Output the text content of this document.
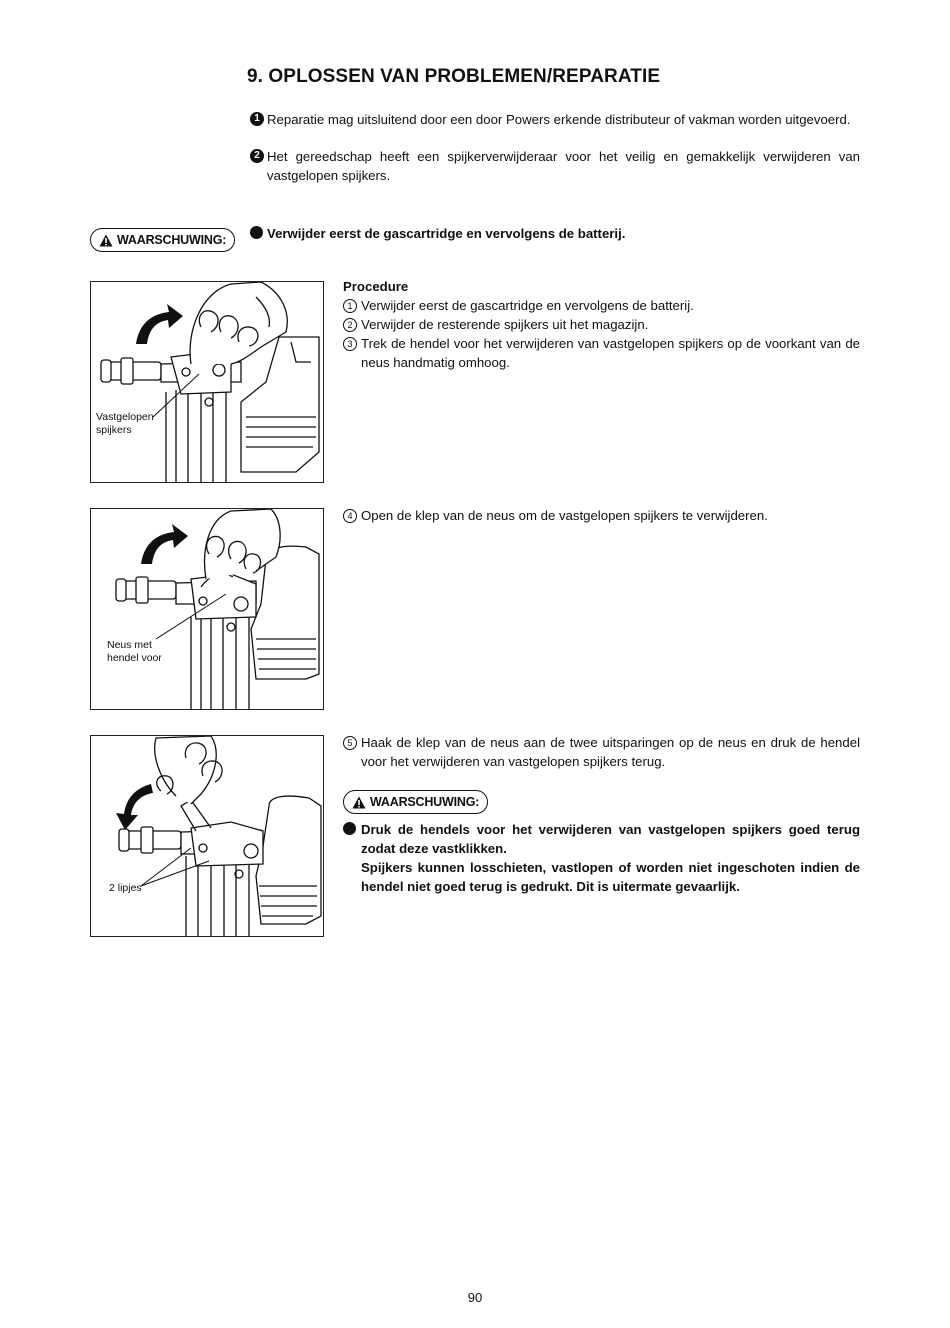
9. OPLOSSEN VAN PROBLEMEN/REPARATIE
1 Reparatie mag uitsluitend door een door Powers erkende distributeur of vakman worden uitgevoerd.
2 Het gereedschap heeft een spijkerverwijderaar voor het veilig en gemakkelijk verwijderen van vastgelopen spijkers.
WAARSCHUWING:	Verwijder eerst de gascartridge en vervolgens de batterij.
Procedure
1 Verwijder eerst de gascartridge en vervolgens de batterij.
2 Verwijder de resterende spijkers uit het magazijn.
3 Trek de hendel voor het verwijderen van vastgelopen spijkers op de voorkant van de neus handmatig omhoog.
4 Open de klep van de neus om de vastgelopen spijkers te verwijderen.
5 Haak de klep van de neus aan de twee uitsparingen op de neus en druk de hendel voor het verwijderen van vastgelopen spijkers terug.
WAARSCHUWING:
Druk de hendels voor het verwijderen van vastgelopen spijkers goed terug zodat deze vastklikken.
Spijkers kunnen losschieten, vastlopen of worden niet ingeschoten indien de hendel niet goed terug is gedrukt. Dit is uitermate gevaarlijk.
Vastgelopen
spijkers
Neus met
hendel voor
2 lipjes
90
